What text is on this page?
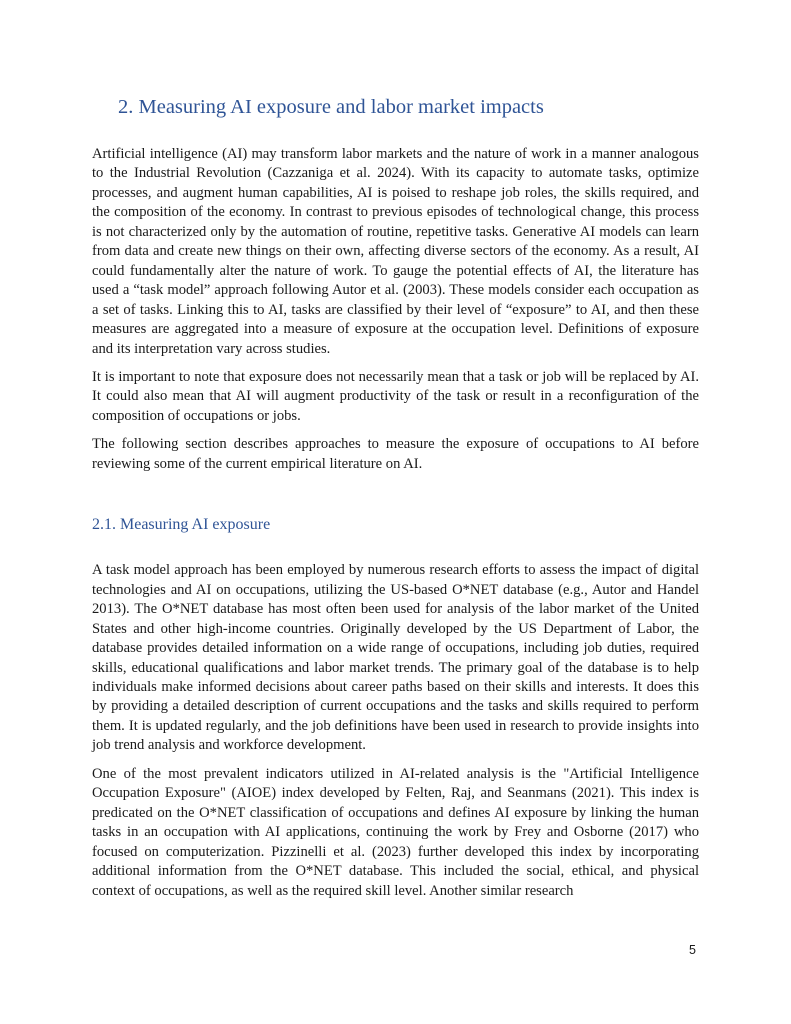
2. Measuring AI exposure and labor market impacts

Artificial intelligence (AI) may transform labor markets and the nature of work in a manner analogous to the Industrial Revolution (Cazzaniga et al. 2024). With its capacity to automate tasks, optimize processes, and augment human capabilities, AI is poised to reshape job roles, the skills required, and the composition of the economy. In contrast to previous episodes of technological change, this process is not characterized only by the automation of routine, repetitive tasks. Generative AI models can learn from data and create new things on their own, affecting diverse sectors of the economy. As a result, AI could fundamentally alter the nature of work. To gauge the potential effects of AI, the literature has used a “task model” approach following Autor et al. (2003). These models consider each occupation as a set of tasks. Linking this to AI, tasks are classified by their level of “exposure” to AI, and then these measures are aggregated into a measure of exposure at the occupation level. Definitions of exposure and its interpretation vary across studies.

It is important to note that exposure does not necessarily mean that a task or job will be replaced by AI. It could also mean that AI will augment productivity of the task or result in a reconfiguration of the composition of occupations or jobs.

The following section describes approaches to measure the exposure of occupations to AI before reviewing some of the current empirical literature on AI.

2.1. Measuring AI exposure

A task model approach has been employed by numerous research efforts to assess the impact of digital technologies and AI on occupations, utilizing the US-based O*NET database (e.g., Autor and Handel 2013). The O*NET database has most often been used for analysis of the labor market of the United States and other high-income countries. Originally developed by the US Department of Labor, the database provides detailed information on a wide range of occupations, including job duties, required skills, educational qualifications and labor market trends. The primary goal of the database is to help individuals make informed decisions about career paths based on their skills and interests. It does this by providing a detailed description of current occupations and the tasks and skills required to perform them. It is updated regularly, and the job definitions have been used in research to provide insights into job trend analysis and workforce development.

One of the most prevalent indicators utilized in AI-related analysis is the "Artificial Intelligence Occupation Exposure" (AIOE) index developed by Felten, Raj, and Seanmans (2021). This index is predicated on the O*NET classification of occupations and defines AI exposure by linking the human tasks in an occupation with AI applications, continuing the work by Frey and Osborne (2017) who focused on computerization. Pizzinelli et al. (2023) further developed this index by incorporating additional information from the O*NET database. This included the social, ethical, and physical context of occupations, as well as the required skill level. Another similar research

5
